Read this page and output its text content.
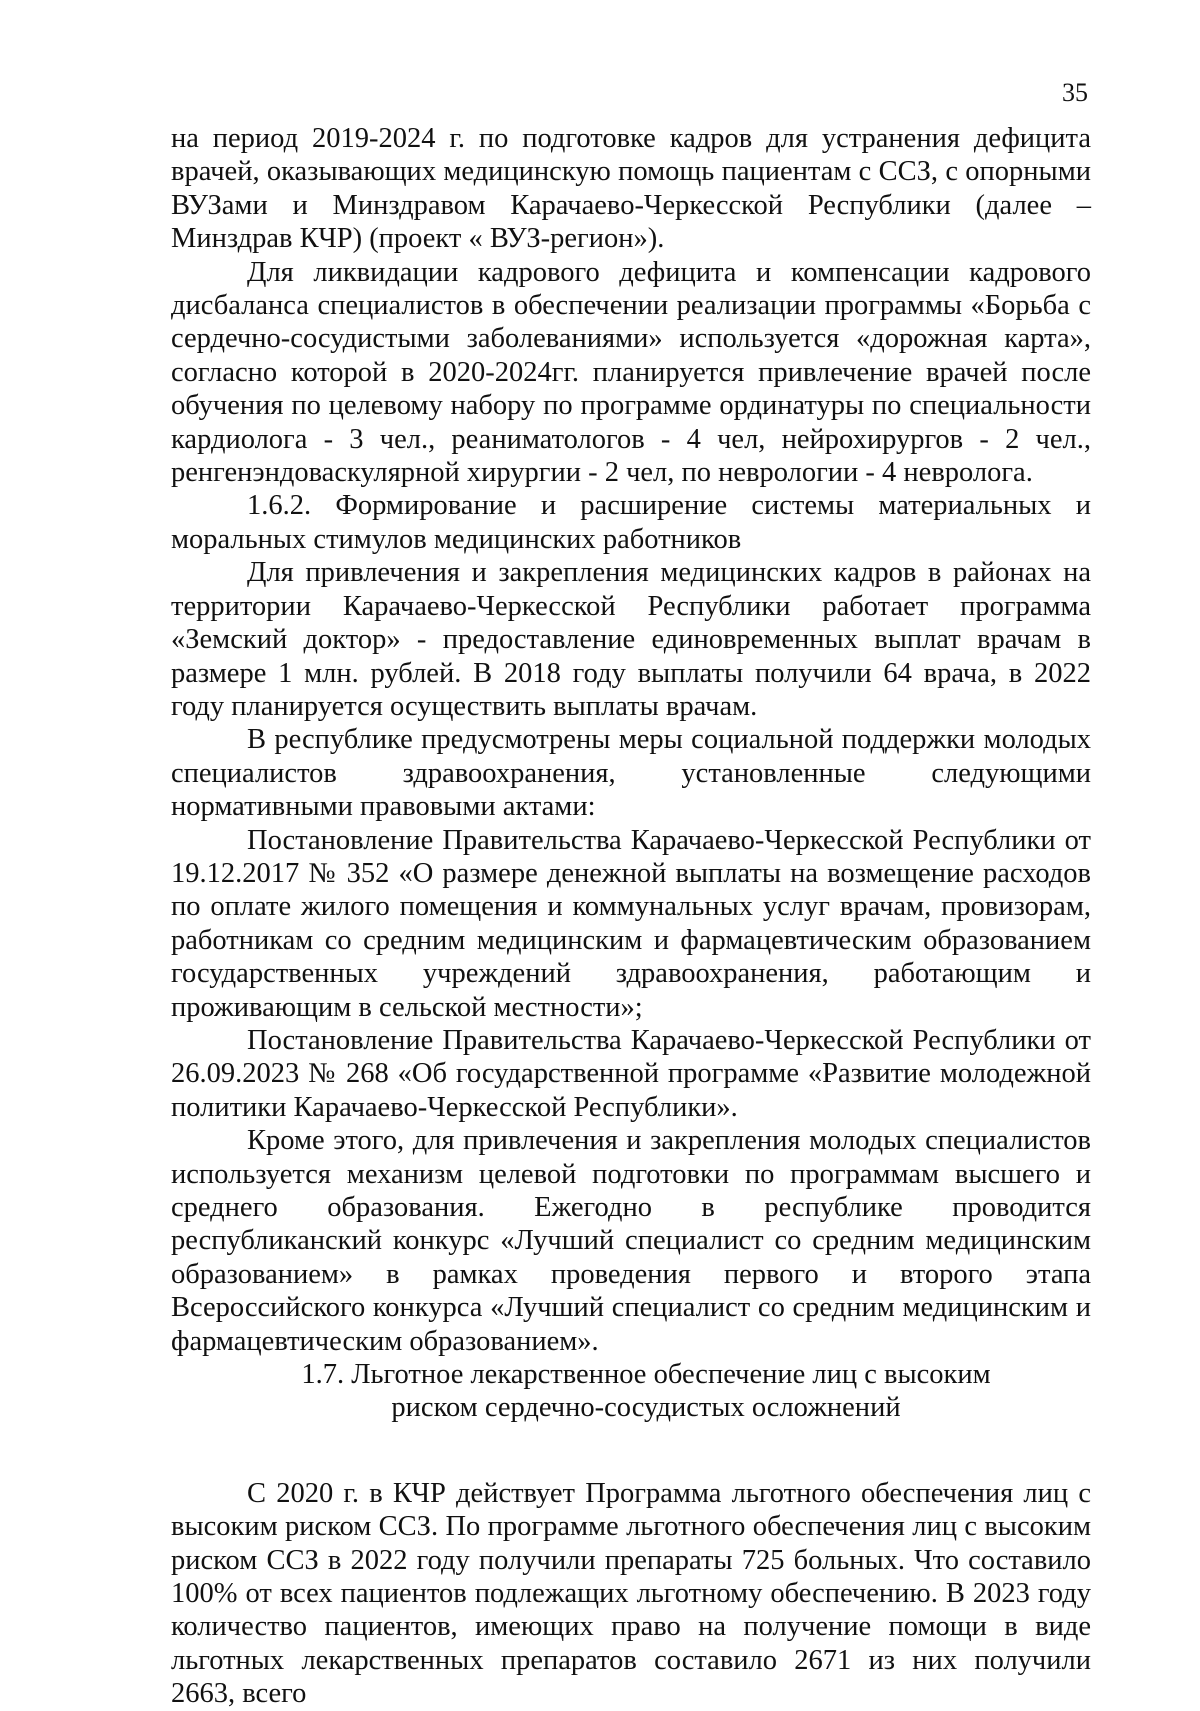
35

на период 2019-2024 г. по подготовке кадров для устранения дефицита врачей, оказывающих медицинскую помощь пациентам с ССЗ, с опорными ВУЗами и Минздравом Карачаево-Черкесской Республики (далее –Минздрав КЧР) (проект « ВУЗ-регион»).

Для ликвидации кадрового дефицита и компенсации кадрового дисбаланса специалистов в обеспечении реализации программы «Борьба с сердечно-сосудистыми заболеваниями» используется «дорожная карта», согласно которой в 2020-2024гг. планируется привлечение врачей после обучения по целевому набору по программе ординатуры по специальности кардиолога - 3 чел., реаниматологов - 4 чел, нейрохирургов - 2 чел., ренгенэндоваскулярной хирургии - 2 чел, по неврологии - 4 невролога.

1.6.2. Формирование и расширение системы материальных и моральных стимулов медицинских работников

Для привлечения и закрепления медицинских кадров в районах на территории Карачаево-Черкесской Республики работает программа «Земский доктор» - предоставление единовременных выплат врачам в размере 1 млн. рублей. В 2018 году выплаты получили 64 врача, в 2022 году планируется осуществить выплаты врачам.

В республике предусмотрены меры социальной поддержки молодых специалистов здравоохранения, установленные следующими нормативными правовыми актами:

Постановление Правительства Карачаево-Черкесской Республики от 19.12.2017 № 352 «О размере денежной выплаты на возмещение расходов по оплате жилого помещения и коммунальных услуг врачам, провизорам, работникам со средним медицинским и фармацевтическим образованием государственных учреждений здравоохранения, работающим и проживающим в сельской местности»;

Постановление Правительства Карачаево-Черкесской Республики от 26.09.2023 № 268 «Об государственной программе «Развитие молодежной политики Карачаево-Черкесской Республики».

Кроме этого, для привлечения и закрепления молодых специалистов используется механизм целевой подготовки по программам высшего и среднего образования. Ежегодно в республике проводится республиканский конкурс «Лучший специалист со средним медицинским образованием» в рамках проведения первого и второго этапа Всероссийского конкурса «Лучший специалист со средним медицинским и фармацевтическим образованием».

1.7. Льготное лекарственное обеспечение лиц с высоким
риском сердечно-сосудистых осложнений

С 2020 г. в КЧР действует Программа льготного обеспечения лиц с высоким риском ССЗ. По программе льготного обеспечения лиц с высоким риском ССЗ в 2022 году получили препараты 725 больных. Что составило 100% от всех пациентов подлежащих льготному обеспечению. В 2023 году количество пациентов, имеющих право на получение помощи в виде льготных лекарственных препаратов составило 2671 из них получили 2663, всего
